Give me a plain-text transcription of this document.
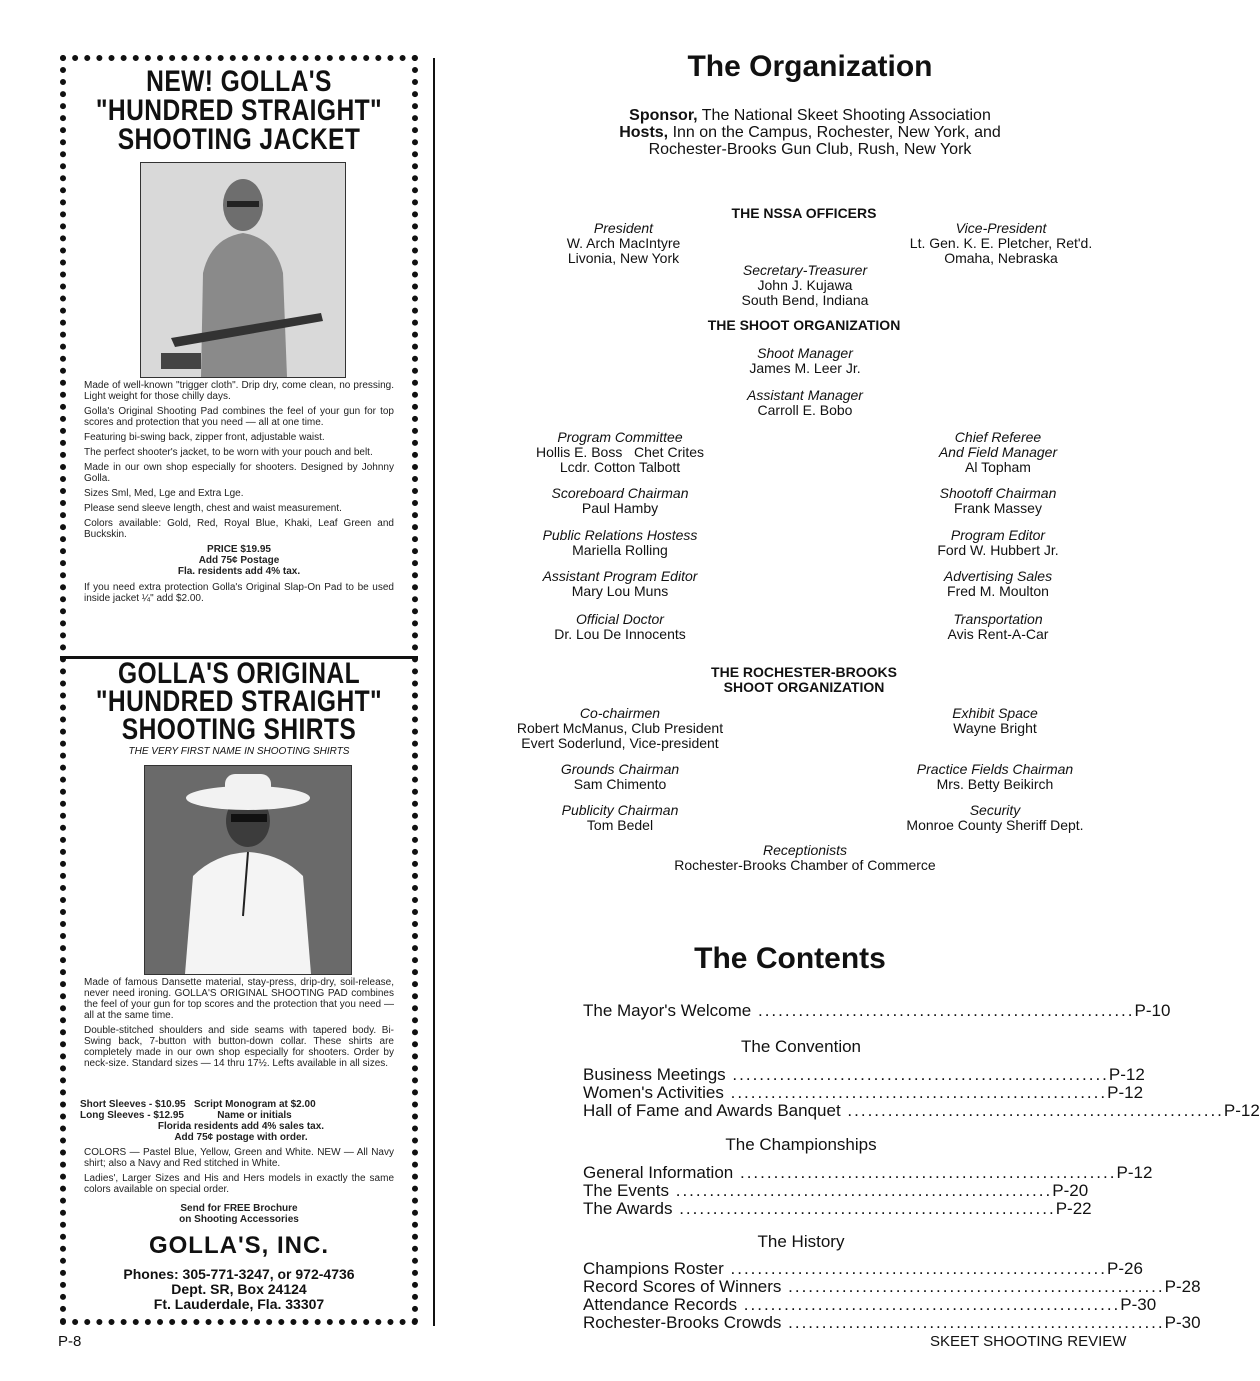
NEW! GOLLA'S
"HUNDRED STRAIGHT"
SHOOTING JACKET

Made of well-known "trigger cloth". Drip dry, come clean, no pressing. Light weight for those chilly days.

Golla's Original Shooting Pad combines the feel of your gun for top scores and protection that you need — all at one time.

Featuring bi-swing back, zipper front, adjustable waist.

The perfect shooter's jacket, to be worn with your pouch and belt.

Made in our own shop especially for shooters. Designed by Johnny Golla.

Sizes Sml, Med, Lge and Extra Lge.

Please send sleeve length, chest and waist measurement.

Colors available: Gold, Red, Royal Blue, Khaki, Leaf Green and Buckskin.

PRICE $19.95
Add 75¢ Postage
Fla. residents add 4% tax.

If you need extra protection Golla's Original Slap-On Pad to be used inside jacket ¼" add $2.00.

GOLLA'S ORIGINAL
"HUNDRED STRAIGHT"
SHOOTING SHIRTS
THE VERY FIRST NAME IN SHOOTING SHIRTS

Made of famous Dansette material, stay-press, drip-dry, soil-release, never need ironing. GOLLA'S ORIGINAL SHOOTING PAD combines the feel of your gun for top scores and the protection that you need — all at the same time.

Double-stitched shoulders and side seams with tapered body. Bi-Swing back, 7-button with button-down collar. These shirts are completely made in our own shop especially for shooters. Order by neck-size. Standard sizes — 14 thru 17½. Lefts available in all sizes.

Short Sleeves - $10.95   Script Monogram at $2.00
Long Sleeves - $12.95            Name or initials
Florida residents add 4% sales tax.
Add 75¢ postage with order.

COLORS — Pastel Blue, Yellow, Green and White. NEW — All Navy shirt; also a Navy and Red stitched in White.

Ladies', Larger Sizes and His and Hers models in exactly the same colors available on special order.

Send for FREE Brochure
on Shooting Accessories
GOLLA'S, INC.
Phones: 305-771-3247, or 972-4736
Dept. SR, Box 24124
Ft. Lauderdale, Fla. 33307
The Organization
Sponsor, The National Skeet Shooting Association
Hosts, Inn on the Campus, Rochester, New York, and
Rochester-Brooks Gun Club, Rush, New York
THE NSSA OFFICERS
President
W. Arch MacIntyre
Livonia, New York
Vice-President
Lt. Gen. K. E. Pletcher, Ret'd.
Omaha, Nebraska
Secretary-Treasurer
John J. Kujawa
South Bend, Indiana
THE SHOOT ORGANIZATION
Shoot Manager
James M. Leer Jr.
Assistant Manager
Carroll E. Bobo
Program Committee
Hollis E. Boss   Chet Crites
Lcdr. Cotton Talbott
Scoreboard Chairman
Paul Hamby
Public Relations Hostess
Mariella Rolling
Assistant Program Editor
Mary Lou Muns
Official Doctor
Dr. Lou De Innocents
Chief Referee
And Field Manager
Al Topham
Shootoff Chairman
Frank Massey
Program Editor
Ford W. Hubbert Jr.
Advertising Sales
Fred M. Moulton
Transportation
Avis Rent-A-Car
THE ROCHESTER-BROOKS
SHOOT ORGANIZATION
Co-chairmen
Robert McManus, Club President
Evert Soderlund, Vice-president
Grounds Chairman
Sam Chimento
Publicity Chairman
Tom Bedel
Exhibit Space
Wayne Bright
Practice Fields Chairman
Mrs. Betty Beikirch
Security
Monroe County Sheriff Dept.
Receptionists
Rochester-Brooks Chamber of Commerce
The Contents
The Mayor's Welcome ........................................................ P-10
The Convention
Business Meetings ........................................................ P-12
Women's Activities ........................................................ P-12
Hall of Fame and Awards Banquet ........................................................ P-12
The Championships
General Information ........................................................ P-12
The Events ........................................................ P-20
The Awards ........................................................ P-22
The History
Champions Roster ........................................................ P-26
Record Scores of Winners ........................................................ P-28
Attendance Records ........................................................ P-30
Rochester-Brooks Crowds ........................................................ P-30
P-8	SKEET SHOOTING REVIEW
